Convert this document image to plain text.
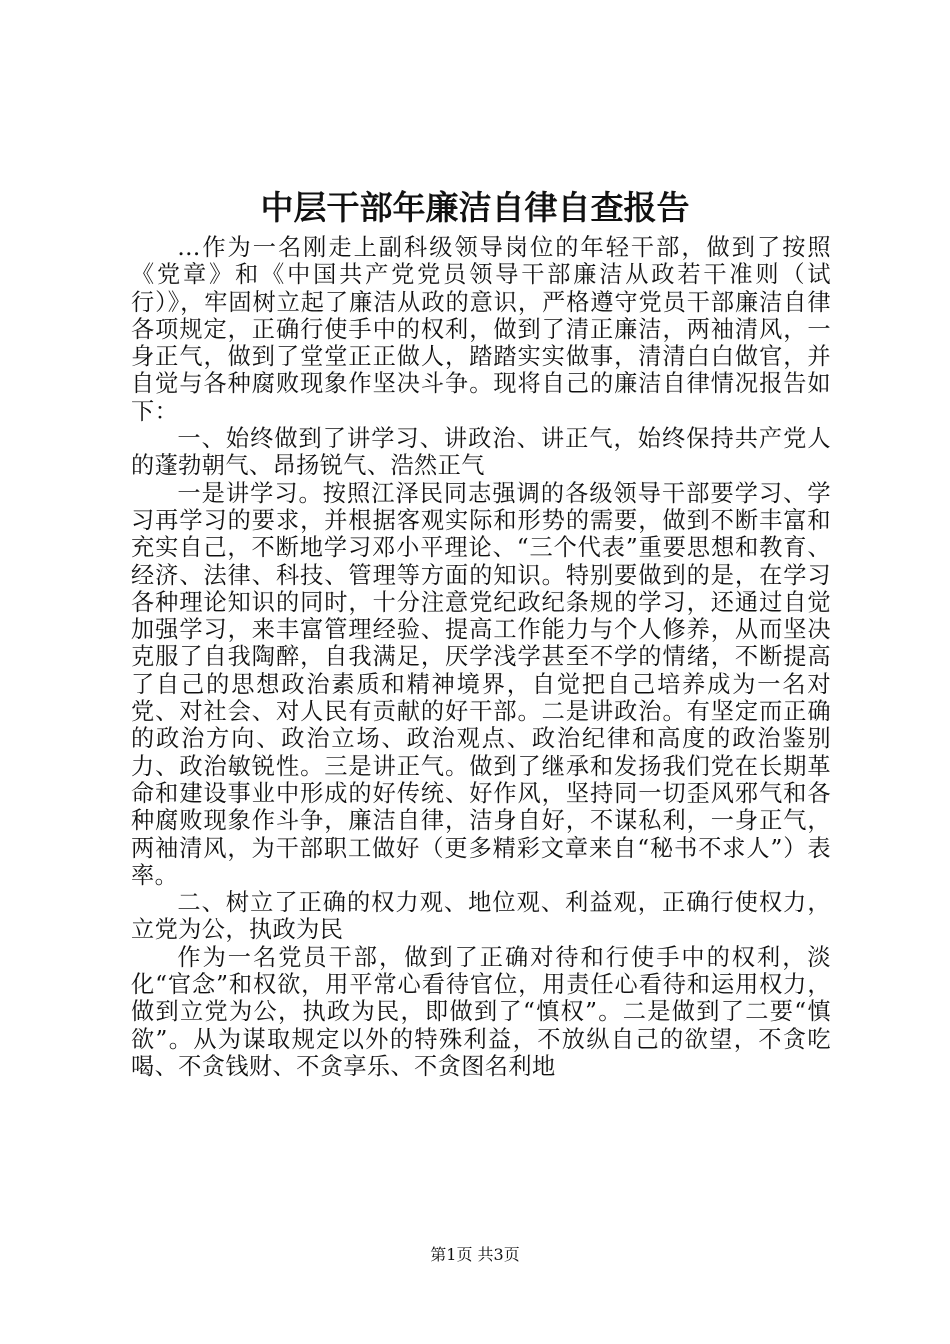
中层干部年廉洁自律自查报告

...作为一名刚走上副科级领导岗位的年轻干部，做到了按照《党章》和《中国共产党党员领导干部廉洁从政若干准则（试行）》，牢固树立起了廉洁从政的意识，严格遵守党员干部廉洁自律各项规定，正确行使手中的权利，做到了清正廉洁，两袖清风，一身正气，做到了堂堂正正做人，踏踏实实做事，清清白白做官，并自觉与各种腐败现象作坚决斗争。现将自己的廉洁自律情况报告如下：

一、始终做到了讲学习、讲政治、讲正气，始终保持共产党人的蓬勃朝气、昂扬锐气、浩然正气

一是讲学习。按照江泽民同志强调的各级领导干部要学习、学习再学习的要求，并根据客观实际和形势的需要，做到不断丰富和充实自己，不断地学习邓小平理论、“三个代表”重要思想和教育、经济、法律、科技、管理等方面的知识。特别要做到的是，在学习各种理论知识的同时，十分注意党纪政纪条规的学习，还通过自觉加强学习，来丰富管理经验、提高工作能力与个人修养，从而坚决克服了自我陶醉，自我满足，厌学浅学甚至不学的情绪，不断提高了自己的思想政治素质和精神境界，自觉把自己培养成为一名对党、对社会、对人民有贡献的好干部。二是讲政治。有坚定而正确的政治方向、政治立场、政治观点、政治纪律和高度的政治鉴别力、政治敏锐性。三是讲正气。做到了继承和发扬我们党在长期革命和建设事业中形成的好传统、好作风，坚持同一切歪风邪气和各种腐败现象作斗争，廉洁自律，洁身自好，不谋私利，一身正气，两袖清风，为干部职工做好（更多精彩文章来自“秘书不求人”）表率。

二、树立了正确的权力观、地位观、利益观，正确行使权力，立党为公，执政为民

作为一名党员干部，做到了正确对待和行使手中的权利，淡化“官念”和权欲，用平常心看待官位，用责任心看待和运用权力，做到立党为公，执政为民，即做到了“慎权”。二是做到了二要“慎欲”。从为谋取规定以外的特殊利益，不放纵自己的欲望，不贪吃喝、不贪钱财、不贪享乐、不贪图名利地

第1页 共3页
